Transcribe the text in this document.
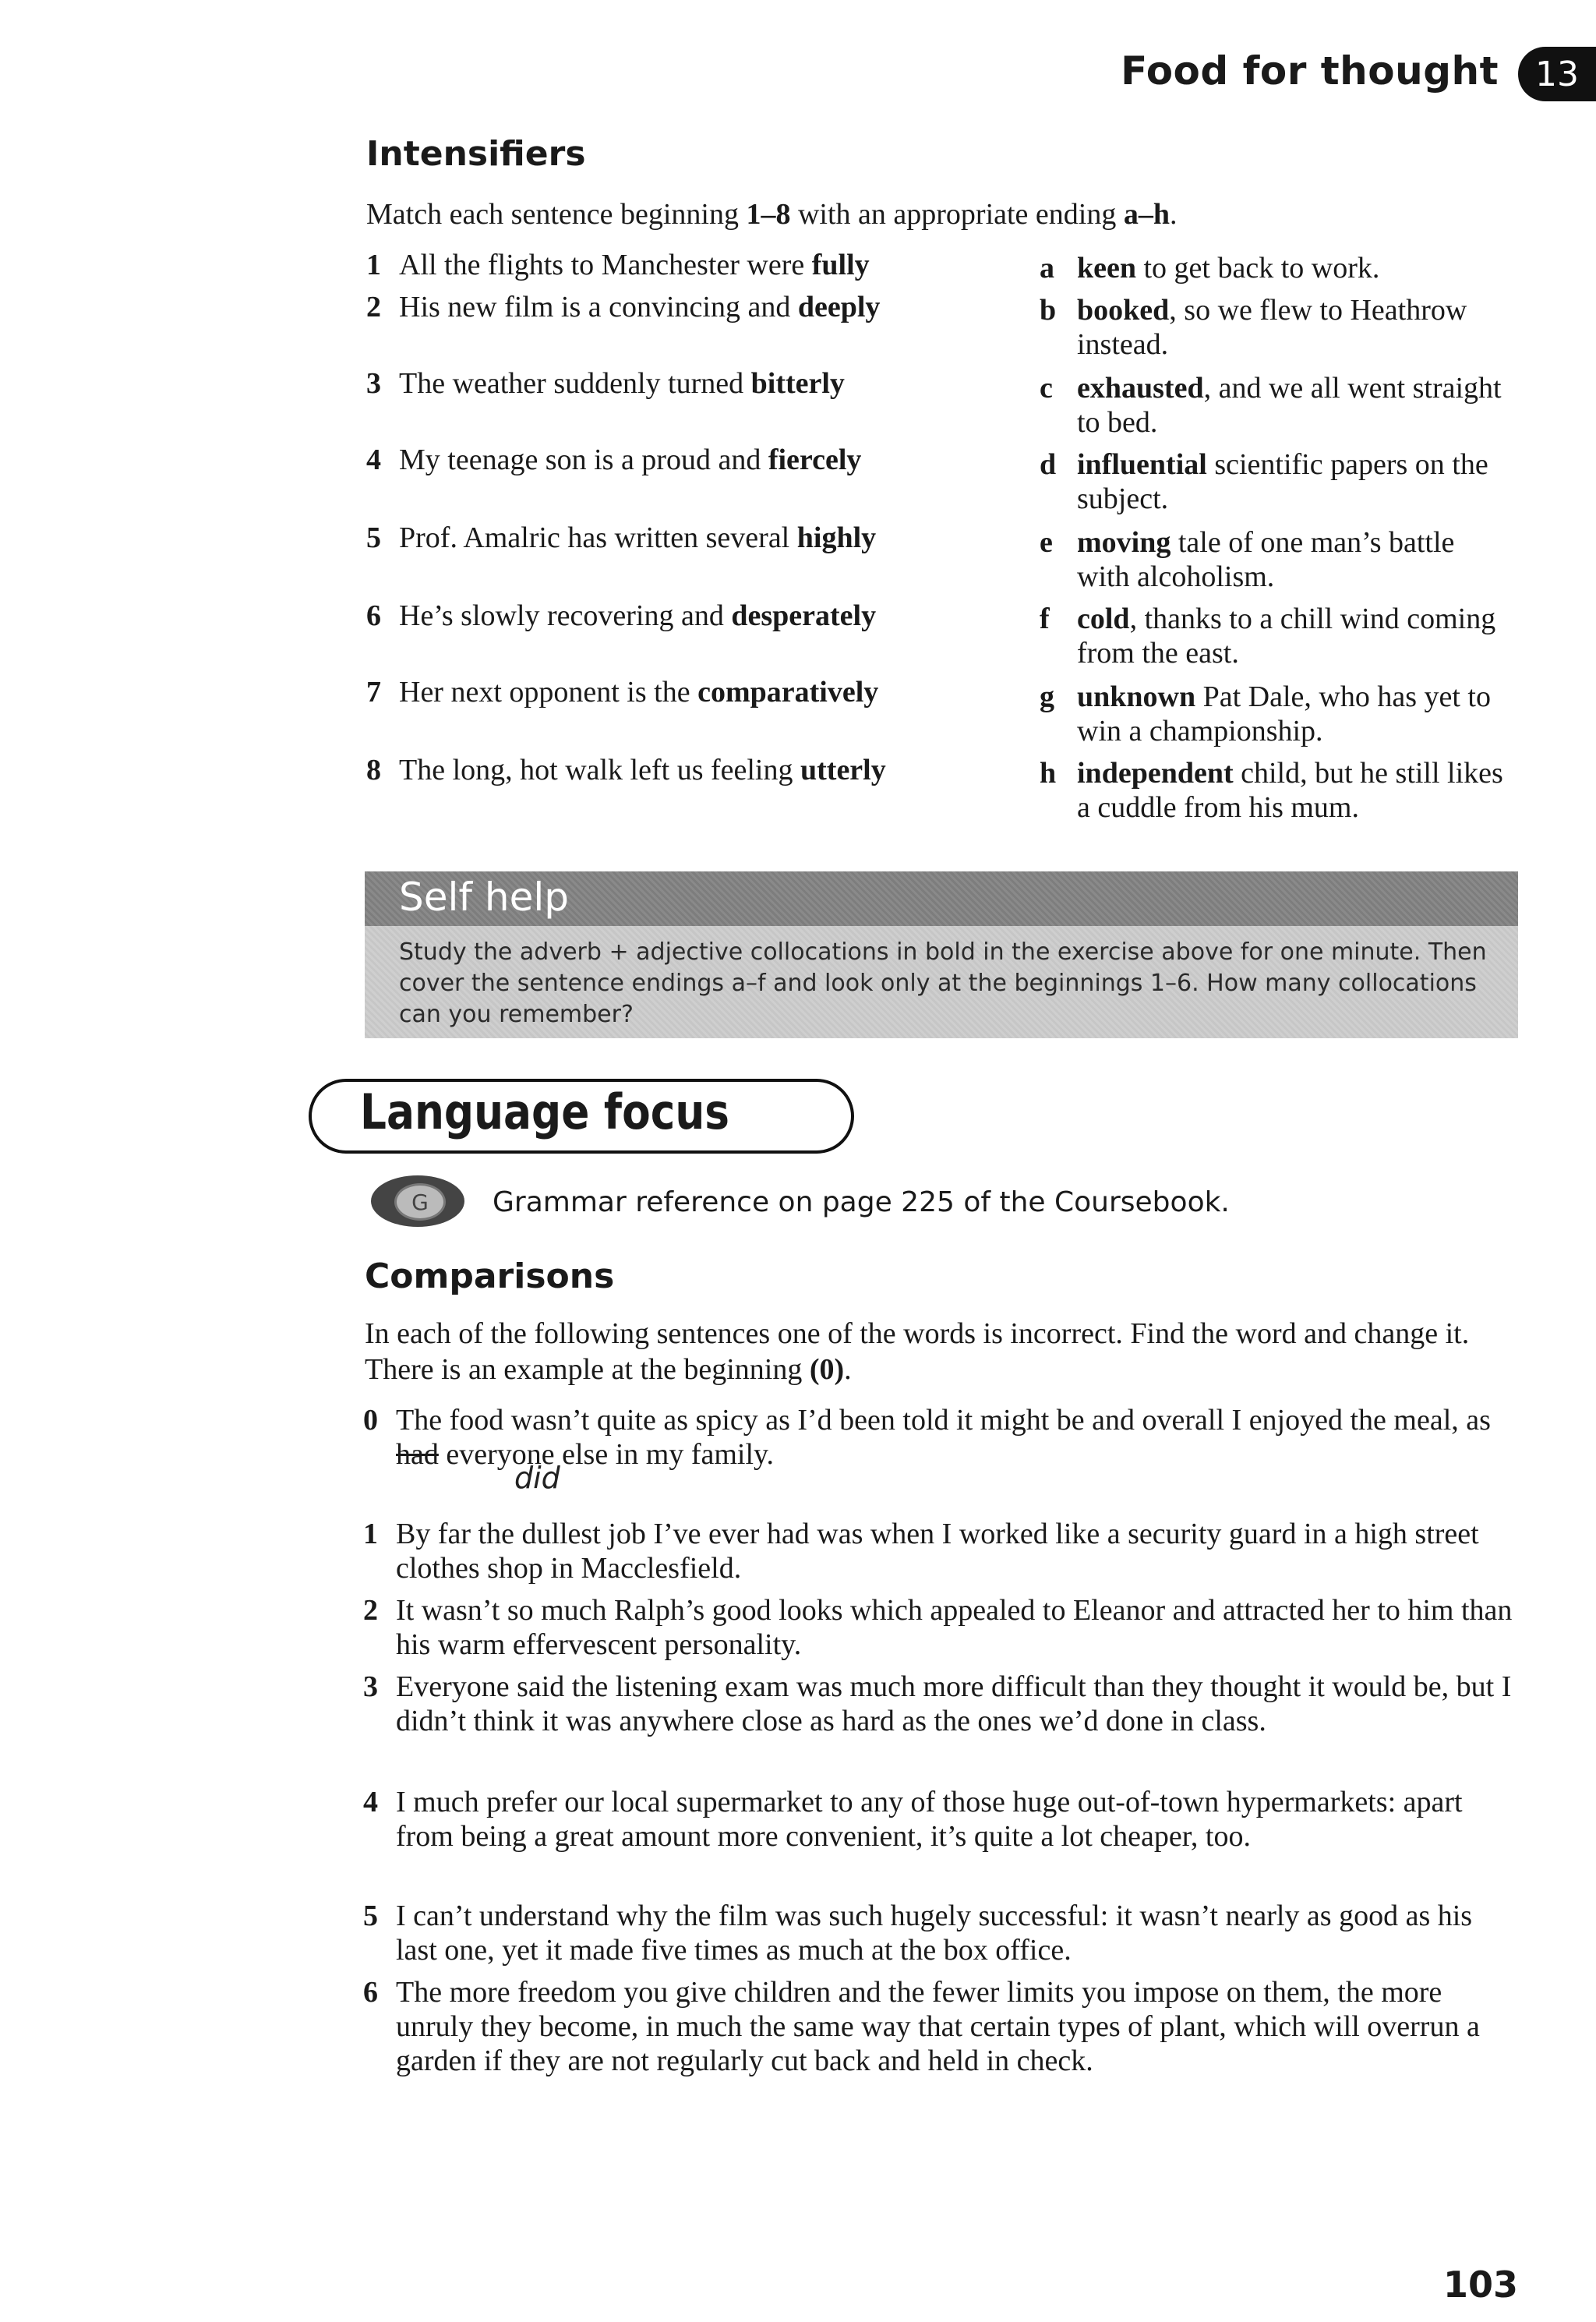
Food for thought	13
Intensifiers
Match each sentence beginning 1–8 with an appropriate ending a–h.
1 All the flights to Manchester were fully
2 His new film is a convincing and deeply
3 The weather suddenly turned bitterly
4 My teenage son is a proud and fiercely
5 Prof. Amalric has written several highly
6 He’s slowly recovering and desperately
7 Her next opponent is the comparatively
8 The long, hot walk left us feeling utterly
a keen to get back to work.
b booked, so we flew to Heathrow instead.
c exhausted, and we all went straight to bed.
d influential scientific papers on the subject.
e moving tale of one man’s battle with alcoholism.
f cold, thanks to a chill wind coming from the east.
g unknown Pat Dale, who has yet to win a championship.
h independent child, but he still likes a cuddle from his mum.
Self help
Study the adverb + adjective collocations in bold in the exercise above for one minute. Then cover the sentence endings a–f and look only at the beginnings 1–6. How many collocations can you remember?
Language focus
G	Grammar reference on page 225 of the Coursebook.
Comparisons
In each of the following sentences one of the words is incorrect. Find the word and change it. There is an example at the beginning (0).
0 The food wasn’t quite as spicy as I’d been told it might be and overall I enjoyed the meal, as had everyone else in my family.
did
1 By far the dullest job I’ve ever had was when I worked like a security guard in a high street clothes shop in Macclesfield.
2 It wasn’t so much Ralph’s good looks which appealed to Eleanor and attracted her to him than his warm effervescent personality.
3 Everyone said the listening exam was much more difficult than they thought it would be, but I didn’t think it was anywhere close as hard as the ones we’d done in class.
4 I much prefer our local supermarket to any of those huge out-of-town hypermarkets: apart from being a great amount more convenient, it’s quite a lot cheaper, too.
5 I can’t understand why the film was such hugely successful: it wasn’t nearly as good as his last one, yet it made five times as much at the box office.
6 The more freedom you give children and the fewer limits you impose on them, the more unruly they become, in much the same way that certain types of plant, which will overrun a garden if they are not regularly cut back and held in check.
103
